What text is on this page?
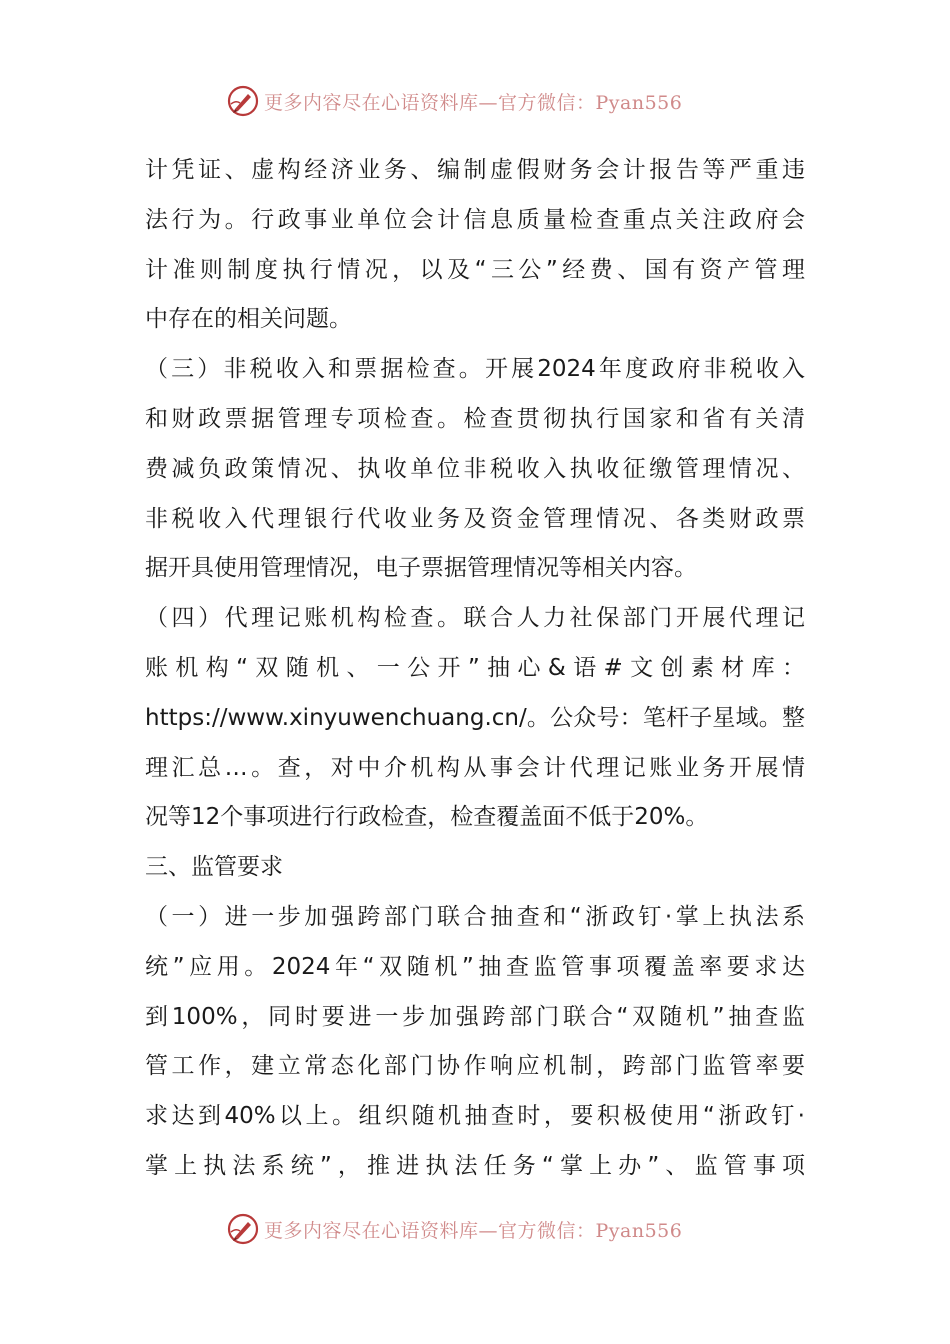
更多内容尽在心语资料库—官方微信：Pyan556
计凭证、虚构经济业务、编制虚假财务会计报告等严重违
法行为。行政事业单位会计信息质量检查重点关注政府会
计准则制度执行情况，以及“三公”经费、国有资产管理
中存在的相关问题。
（三）非税收入和票据检查。开展2024年度政府非税收入
和财政票据管理专项检查。检查贯彻执行国家和省有关清
费减负政策情况、执收单位非税收入执收征缴管理情况、
非税收入代理银行代收业务及资金管理情况、各类财政票
据开具使用管理情况，电子票据管理情况等相关内容。
（四）代理记账机构检查。联合人力社保部门开展代理记
账机构“双随机、一公开”抽心&语#文创素材库：
https://www.xinyuwenchuang.cn/。公众号：笔杆子星域。整
理汇总…。查，对中介机构从事会计代理记账业务开展情
况等12个事项进行行政检查，检查覆盖面不低于20%。
三、监管要求
（一）进一步加强跨部门联合抽查和“浙政钉·掌上执法系
统”应用。2024年“双随机”抽查监管事项覆盖率要求达
到100%，同时要进一步加强跨部门联合“双随机”抽查监
管工作，建立常态化部门协作响应机制，跨部门监管率要
求达到40%以上。组织随机抽查时，要积极使用“浙政钉·
掌上执法系统”，推进执法任务“掌上办”、监管事项
更多内容尽在心语资料库—官方微信：Pyan556
